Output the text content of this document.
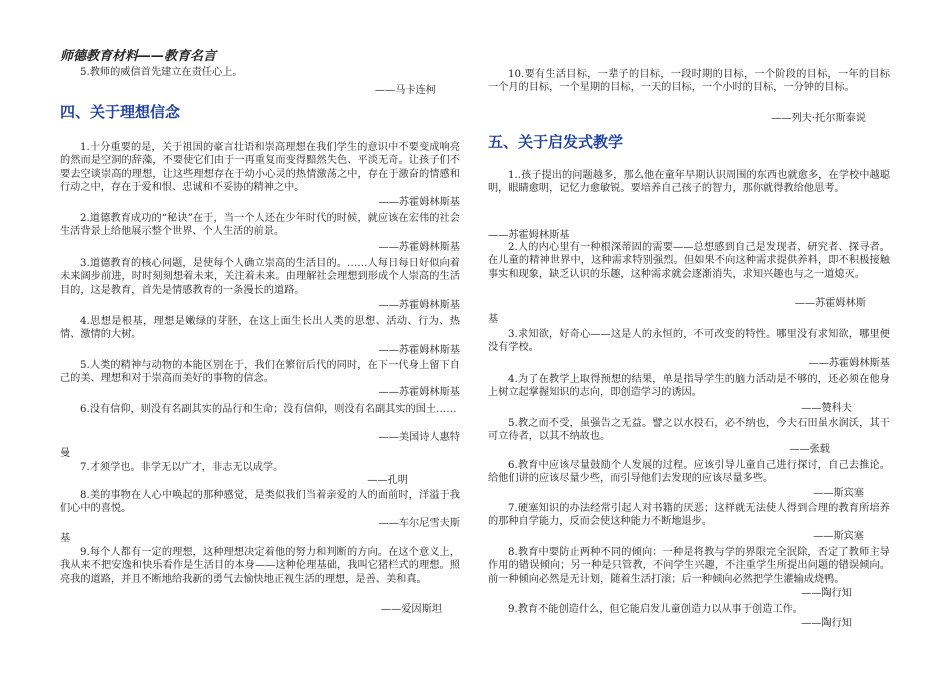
师德教育材料——教育名言
5.教师的威信首先建立在责任心上。
——马卡连柯
四、关于理想信念
1.十分重要的是，关于祖国的豪言壮语和崇高理想在我们学生的意识中不要变成响亮的然而是空洞的辞藻，不要使它们由于一再重复而变得黯然失色、平淡无奇。让孩子们不要去空谈崇高的理想，让这些理想存在于幼小心灵的热情激荡之中，存在于激奋的情感和行动之中，存在于爱和恨、忠诚和不妥协的精神之中。
——苏霍姆林斯基
2.道德教育成功的“秘诀”在于，当一个人还在少年时代的时候，就应该在宏伟的社会生活背景上给他展示整个世界、个人生活的前景。
——苏霍姆林斯基
3.道德教育的核心问题，是使每个人确立崇高的生活目的。……人每日每日好似向着未来阔步前进，时时刻刻想着未来，关注着未来。由理解社会理想到形成个人崇高的生活目的，这是教育，首先是情感教育的一条漫长的道路。
——苏霍姆林斯基
4.思想是根基，理想是嫩绿的芽胚，在这上面生长出人类的思想、活动、行为、热情、激情的大树。
——苏霍姆林斯基
5.人类的精神与动物的本能区别在于，我们在繁衍后代的同时，在下一代身上留下自己的美、理想和对于崇高而美好的事物的信念。
——苏霍姆林斯基
6.没有信仰，则没有名副其实的品行和生命；没有信仰，则没有名副其实的国土……
——美国诗人惠特
曼
7.才须学也。非学无以广才，非志无以成学。
——孔明
8.美的事物在人心中唤起的那种感觉，是类似我们当着亲爱的人的面前时，洋溢于我们心中的喜悦。
——车尔尼雪夫斯
基
9.每个人都有一定的理想，这种理想决定着他的努力和判断的方向。在这个意义上，我从来不把安逸和快乐看作是生活目的本身——这种伦理基础，我叫它猪栏式的理想。照亮我的道路，并且不断地给我新的勇气去愉快地正视生活的理想，是善、美和真。
——爱因斯坦
10.要有生活目标，一辈子的目标，一段时期的目标，一个阶段的目标，一年的目标一个月的目标，一个星期的目标，一天的目标，一个小时的目标，一分钟的目标。
——列夫·托尔斯泰说
五、关于启发式教学
1..孩子提出的问题越多，那么他在童年早期认识周围的东西也就愈多，在学校中越聪明，眼睛愈明，记忆力愈敏锐。要培养自己孩子的智力，那你就得教给他思考。
——苏霍姆林斯基
2.人的内心里有一种根深蒂固的需要——总想感到自己是发现者、研究者、探寻者。在儿童的精神世界中，这种需求特别强烈。但如果不向这种需求提供养料，即不积极接触事实和现象，缺乏认识的乐趣，这种需求就会逐渐消失，求知兴趣也与之一道熄灭。
——苏霍姆林斯
基
3.求知欲，好奇心——这是人的永恒的，不可改变的特性。哪里没有求知欲，哪里便没有学校。
——苏霍姆林斯基
4.为了在教学上取得预想的结果，单是指导学生的脑力活动是不够的，还必须在他身上树立起掌握知识的志向，即创造学习的诱因。
——赞科夫
5.教之而不受，虽强告之无益。譬之以水投石，必不纳也，今夫石田虽水润沃，其干可立待者，以其不纳故也。
——张载
6.教育中应该尽量鼓励个人发展的过程。应该引导儿童自己进行探讨，自己去推论。给他们讲的应该尽量少些，而引导他们去发现的应该尽量多些。
——斯宾塞
7.硬塞知识的办法经常引起人对书籍的厌恶；这样就无法使人得到合理的教育所培养的那种自学能力，反而会使这种能力不断地退步。
——斯宾塞
8.教育中要防止两种不同的倾向：一种是将教与学的界限完全泯除，否定了教师主导作用的错误倾向；另一种是只管教，不问学生兴趣，不注重学生所提出问题的错误倾向。前一种倾向必然是无计划，随着生活打滚；后一种倾向必然把学生灌输成烧鸭。
——陶行知
9.教育不能创造什么，但它能启发儿童创造力以从事于创造工作。
——陶行知
